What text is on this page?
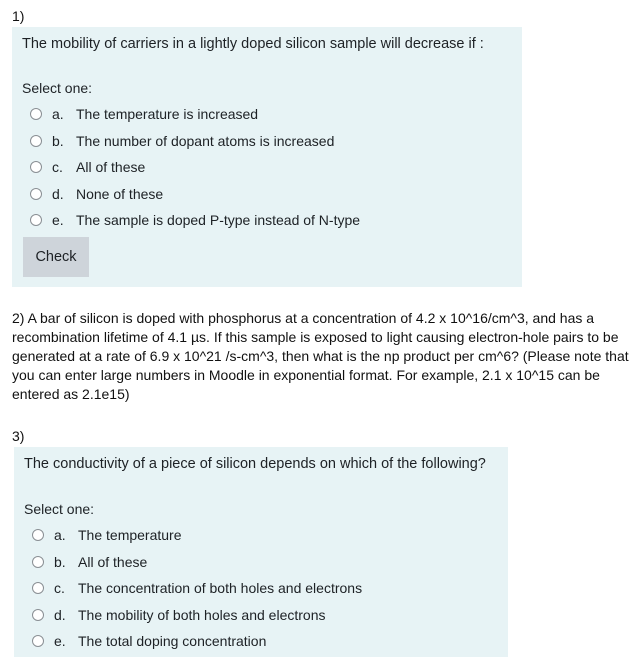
1)
The mobility of carriers in a lightly doped silicon sample will decrease if :
Select one:
a. The temperature is increased
b. The number of dopant atoms is increased
c. All of these
d. None of these
e. The sample is doped P-type instead of N-type
Check
2) A bar of silicon is doped with phosphorus at a concentration of 4.2 x 10^16/cm^3, and has a recombination lifetime of 4.1 µs. If this sample is exposed to light causing electron-hole pairs to be generated at a rate of 6.9 x 10^21 /s-cm^3, then what is the np product per cm^6? (Please note that you can enter large numbers in Moodle in exponential format. For example, 2.1 x 10^15 can be entered as 2.1e15)
3)
The conductivity of a piece of silicon depends on which of the following?
Select one:
a. The temperature
b. All of these
c. The concentration of both holes and electrons
d. The mobility of both holes and electrons
e. The total doping concentration
